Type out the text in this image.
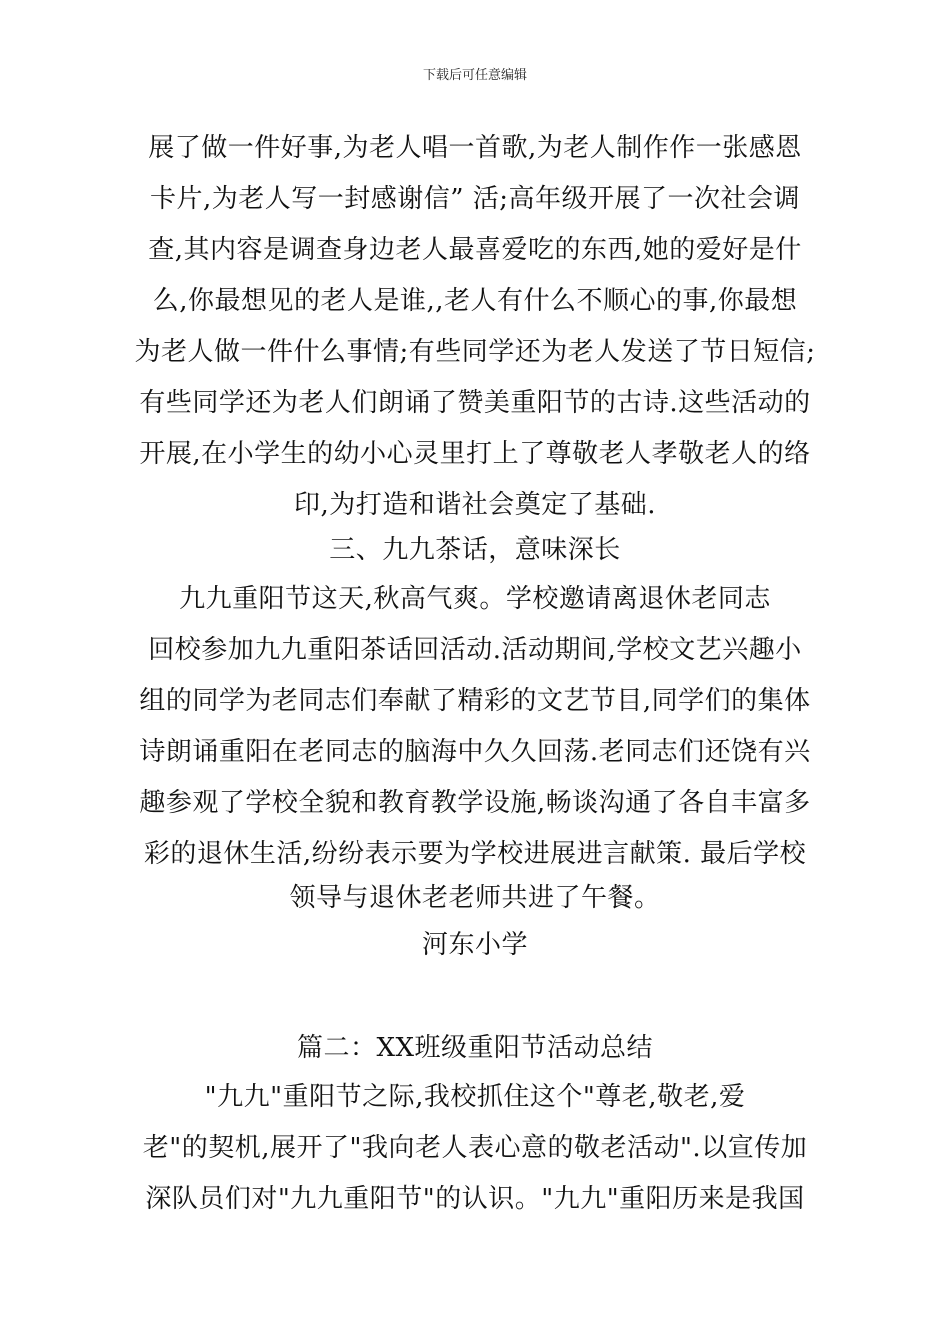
下载后可任意编辑
展了做一件好事,为老人唱一首歌,为老人制作作一张感恩
卡片,为老人写一封感谢信” 活;高年级开展了一次社会调
查,其内容是调查身边老人最喜爱吃的东西,她的爱好是什
么,你最想见的老人是谁,,老人有什么不顺心的事,你最想
为老人做一件什么事情;有些同学还为老人发送了节日短信;
有些同学还为老人们朗诵了赞美重阳节的古诗.这些活动的
开展,在小学生的幼小心灵里打上了尊敬老人孝敬老人的络
印,为打造和谐社会奠定了基础.
三、九九茶话，意味深长
九九重阳节这天,秋高气爽。学校邀请离退休老同志
回校参加九九重阳茶话回活动.活动期间,学校文艺兴趣小
组的同学为老同志们奉献了精彩的文艺节目,同学们的集体
诗朗诵重阳在老同志的脑海中久久回荡.老同志们还饶有兴
趣参观了学校全貌和教育教学设施,畅谈沟通了各自丰富多
彩的退休生活,纷纷表示要为学校进展进言献策. 最后学校
领导与退休老老师共进了午餐。
河东小学
篇二：XX班级重阳节活动总结
"九九"重阳节之际,我校抓住这个"尊老,敬老,爱
老"的契机,展开了"我向老人表心意的敬老活动".以宣传加
深队员们对"九九重阳节"的认识。"九九"重阳历来是我国
